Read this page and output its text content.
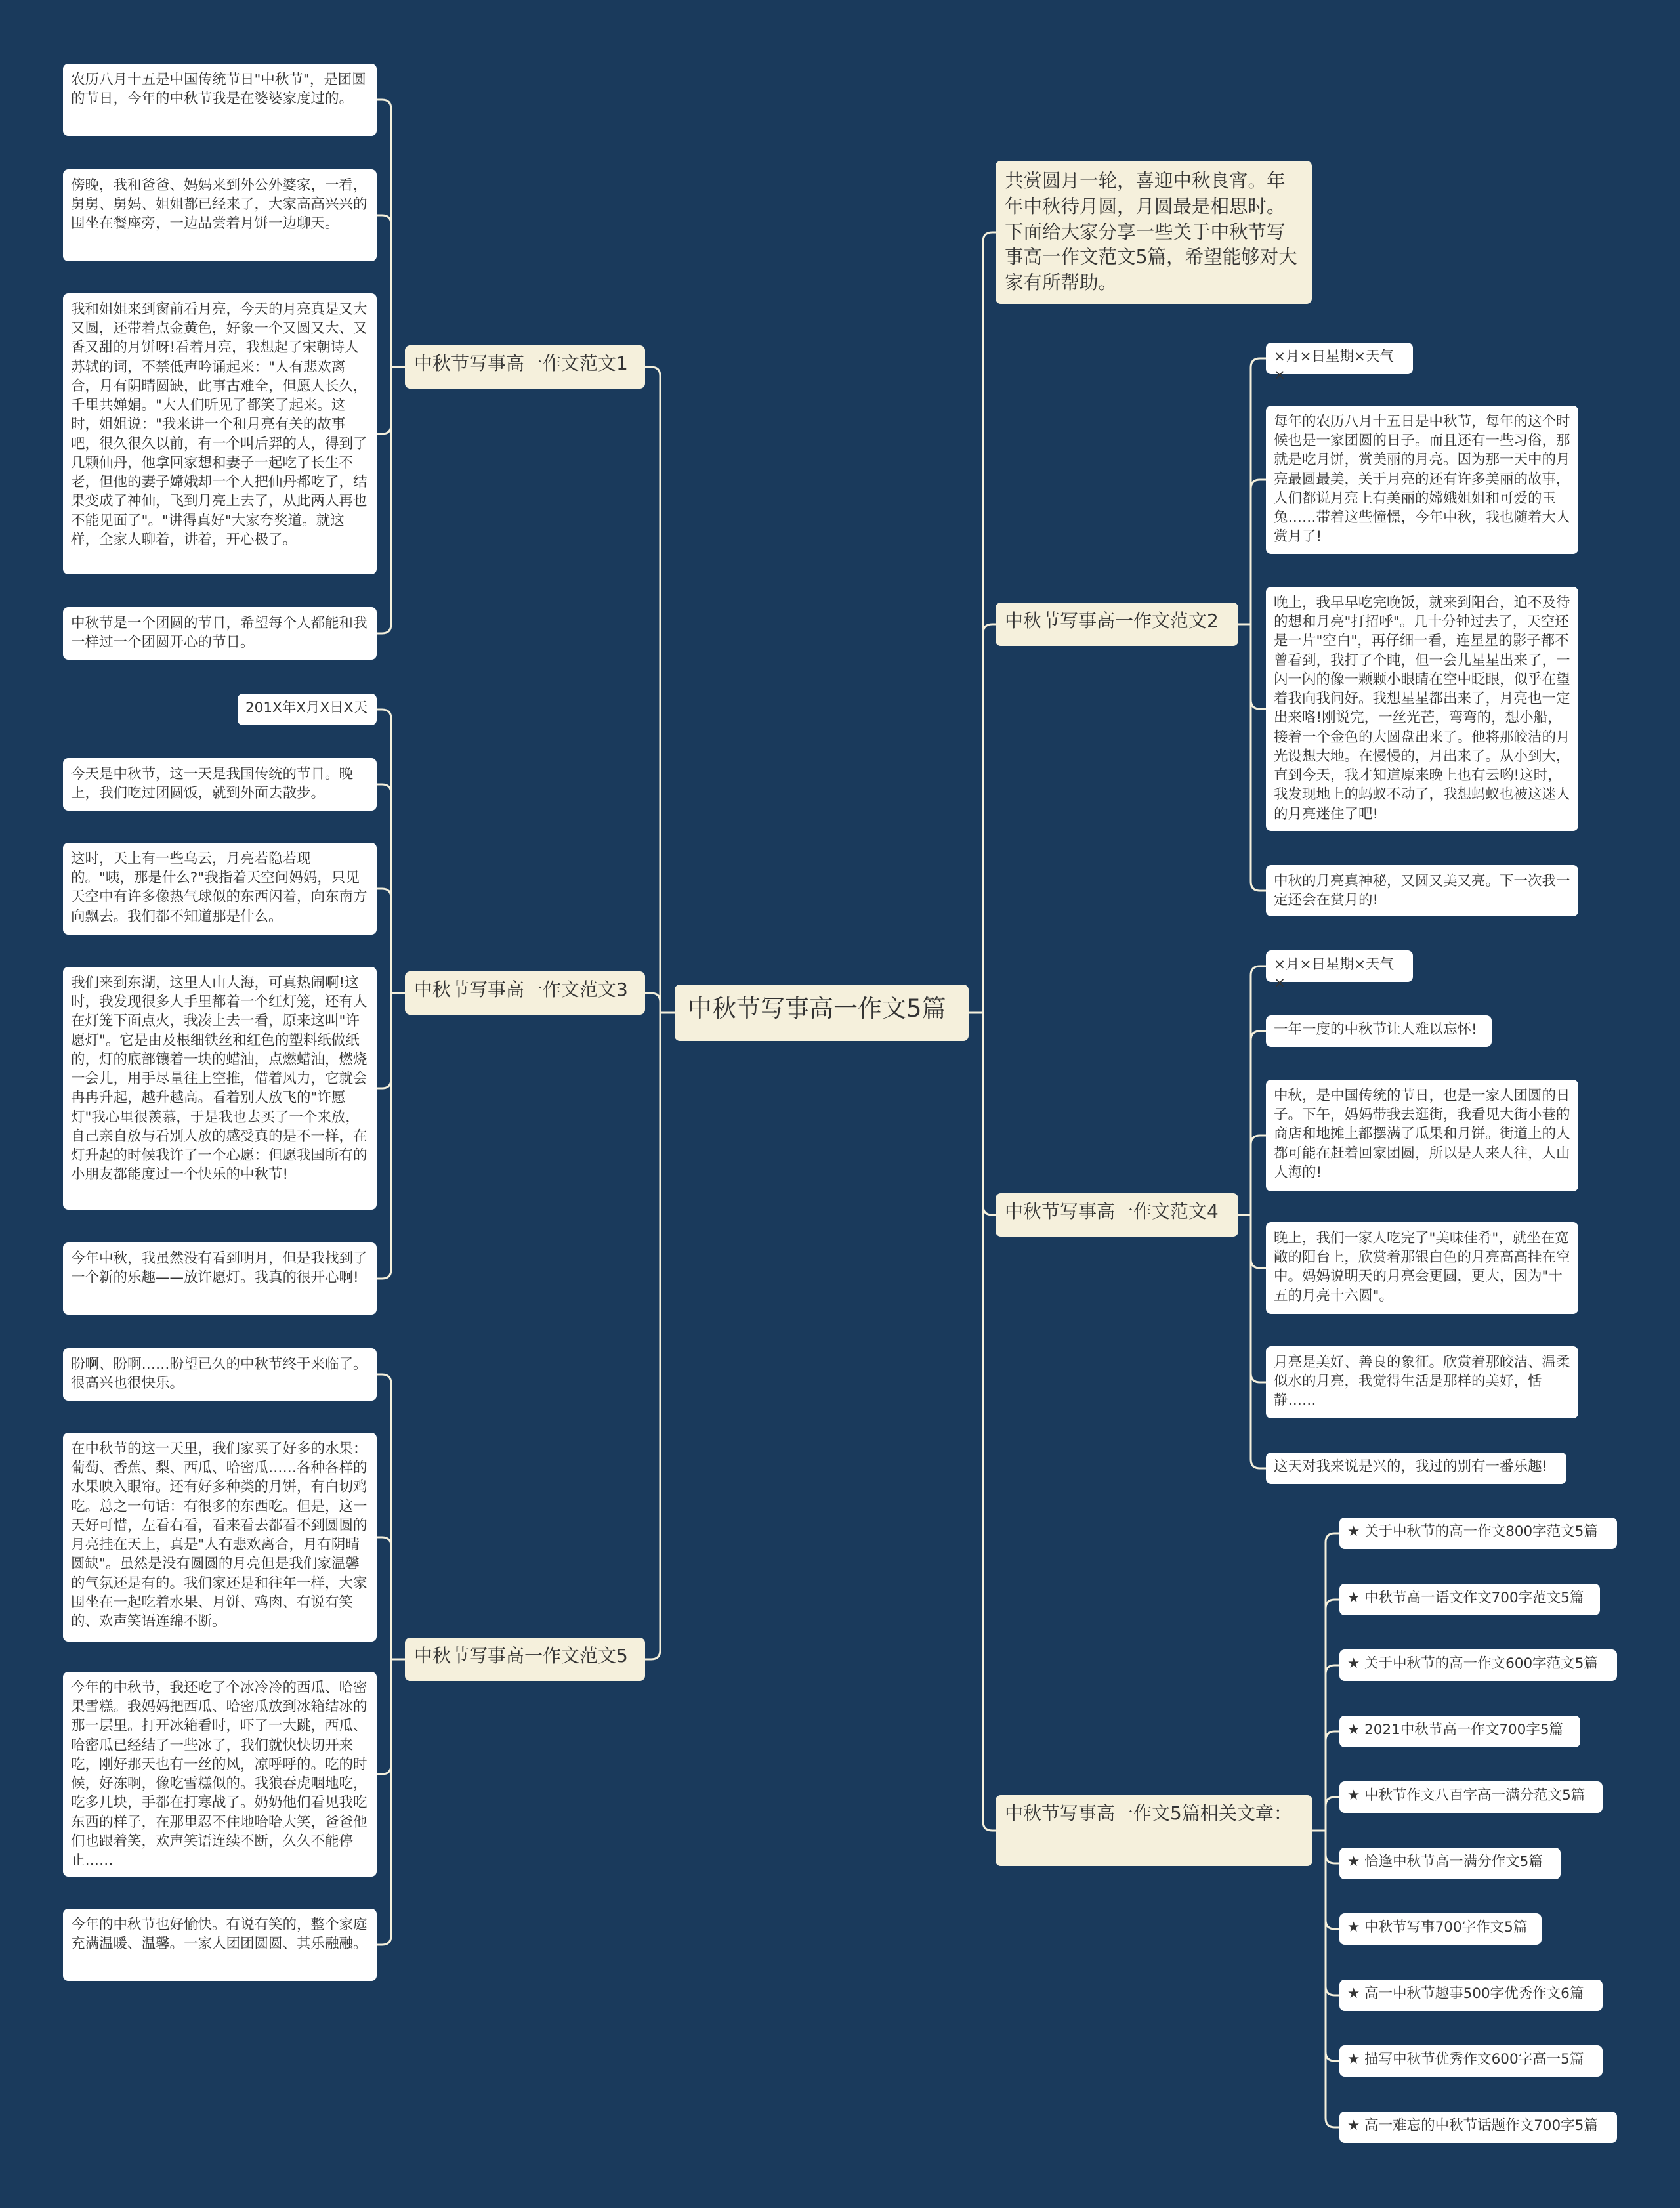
中秋节写事高一作文5篇
共赏圆月一轮，喜迎中秋良宵。年年中秋待月圆，月圆最是相思时。下面给大家分享一些关于中秋节写事高一作文范文5篇，希望能够对大家有所帮助。
中秋节写事高一作文范文2
×月×日星期×天气×
每年的农历八月十五日是中秋节，每年的这个时候也是一家团圆的日子。而且还有一些习俗，那就是吃月饼，赏美丽的月亮。因为那一天中的月亮最圆最美，关于月亮的还有许多美丽的故事，人们都说月亮上有美丽的嫦娥姐姐和可爱的玉兔……带着这些憧憬，今年中秋，我也随着大人赏月了!
晚上，我早早吃完晚饭，就来到阳台，迫不及待的想和月亮"打招呼"。几十分钟过去了，天空还是一片"空白"，再仔细一看，连星星的影子都不曾看到，我打了个盹，但一会儿星星出来了，一闪一闪的像一颗颗小眼睛在空中眨眼，似乎在望着我向我问好。我想星星都出来了，月亮也一定出来咯!刚说完，一丝光芒，弯弯的，想小船，接着一个金色的大圆盘出来了。他将那皎洁的月光设想大地。在慢慢的，月出来了。从小到大，直到今天，我才知道原来晚上也有云哟!这时，我发现地上的蚂蚁不动了，我想蚂蚁也被这迷人的月亮迷住了吧!
中秋的月亮真神秘，又圆又美又亮。下一次我一定还会在赏月的!
中秋节写事高一作文范文4
×月×日星期×天气×
一年一度的中秋节让人难以忘怀!
中秋，是中国传统的节日，也是一家人团圆的日子。下午，妈妈带我去逛街，我看见大街小巷的商店和地摊上都摆满了瓜果和月饼。街道上的人都可能在赶着回家团圆，所以是人来人往，人山人海的!
晚上，我们一家人吃完了"美味佳肴"，就坐在宽敞的阳台上，欣赏着那银白色的月亮高高挂在空中。妈妈说明天的月亮会更圆，更大，因为"十五的月亮十六圆"。
月亮是美好、善良的象征。欣赏着那皎洁、温柔似水的月亮，我觉得生活是那样的美好，恬静……
这天对我来说是兴的，我过的别有一番乐趣!
中秋节写事高一作文5篇相关文章：
★ 关于中秋节的高一作文800字范文5篇
★ 中秋节高一语文作文700字范文5篇
★ 关于中秋节的高一作文600字范文5篇
★ 2021中秋节高一作文700字5篇
★ 中秋节作文八百字高一满分范文5篇
★ 恰逢中秋节高一满分作文5篇
★ 中秋节写事700字作文5篇
★ 高一中秋节趣事500字优秀作文6篇
★ 描写中秋节优秀作文600字高一5篇
★ 高一难忘的中秋节话题作文700字5篇
中秋节写事高一作文范文1
农历八月十五是中国传统节日"中秋节"，是团圆的节日，今年的中秋节我是在婆婆家度过的。
傍晚，我和爸爸、妈妈来到外公外婆家，一看，舅舅、舅妈、姐姐都已经来了，大家高高兴兴的围坐在餐座旁，一边品尝着月饼一边聊天。
我和姐姐来到窗前看月亮，今天的月亮真是又大又圆，还带着点金黄色，好象一个又圆又大、又香又甜的月饼呀!看着月亮，我想起了宋朝诗人苏轼的词，不禁低声吟诵起来："人有悲欢离合，月有阴晴圆缺，此事古难全，但愿人长久，千里共婵娟。"大人们听见了都笑了起来。这时，姐姐说："我来讲一个和月亮有关的故事吧，很久很久以前，有一个叫后羿的人，得到了几颗仙丹，他拿回家想和妻子一起吃了长生不老，但他的妻子嫦娥却一个人把仙丹都吃了，结果变成了神仙，飞到月亮上去了，从此两人再也不能见面了"。"讲得真好"大家夸奖道。就这样，全家人聊着，讲着，开心极了。
中秋节是一个团圆的节日，希望每个人都能和我一样过一个团圆开心的节日。
中秋节写事高一作文范文3
201X年X月X日X天
今天是中秋节，这一天是我国传统的节日。晚上，我们吃过团圆饭，就到外面去散步。
这时，天上有一些乌云，月亮若隐若现的。"咦，那是什么?"我指着天空问妈妈，只见天空中有许多像热气球似的东西闪着，向东南方向飘去。我们都不知道那是什么。
我们来到东湖，这里人山人海，可真热闹啊!这时，我发现很多人手里都着一个红灯笼，还有人在灯笼下面点火，我凑上去一看，原来这叫"许愿灯"。它是由及根细铁丝和红色的塑料纸做纸的，灯的底部镶着一块的蜡油，点燃蜡油，燃烧一会儿，用手尽量往上空推，借着风力，它就会冉冉升起，越升越高。看着别人放飞的"许愿灯"我心里很羡慕，于是我也去买了一个来放，自己亲自放与看别人放的感受真的是不一样，在灯升起的时候我许了一个心愿：但愿我国所有的小朋友都能度过一个快乐的中秋节!
今年中秋，我虽然没有看到明月，但是我找到了一个新的乐趣——放许愿灯。我真的很开心啊!
中秋节写事高一作文范文5
盼啊、盼啊……盼望已久的中秋节终于来临了。很高兴也很快乐。
在中秋节的这一天里，我们家买了好多的水果：葡萄、香蕉、梨、西瓜、哈密瓜……各种各样的水果映入眼帘。还有好多种类的月饼，有白切鸡吃。总之一句话：有很多的东西吃。但是，这一天好可惜，左看右看，看来看去都看不到圆圆的月亮挂在天上，真是"人有悲欢离合，月有阴晴圆缺"。虽然是没有圆圆的月亮但是我们家温馨的气氛还是有的。我们家还是和往年一样，大家围坐在一起吃着水果、月饼、鸡肉、有说有笑的、欢声笑语连绵不断。
今年的中秋节，我还吃了个冰冷冷的西瓜、哈密果雪糕。我妈妈把西瓜、哈密瓜放到冰箱结冰的那一层里。打开冰箱看时，吓了一大跳，西瓜、哈密瓜已经结了一些冰了，我们就快快切开来吃，刚好那天也有一丝的风，凉呼呼的。吃的时候，好冻啊，像吃雪糕似的。我狼吞虎咽地吃，吃多几块，手都在打寒战了。奶奶他们看见我吃东西的样子，在那里忍不住地哈哈大笑，爸爸他们也跟着笑，欢声笑语连续不断，久久不能停止……
今年的中秋节也好愉快。有说有笑的，整个家庭充满温暖、温馨。一家人团团圆圆、其乐融融。
